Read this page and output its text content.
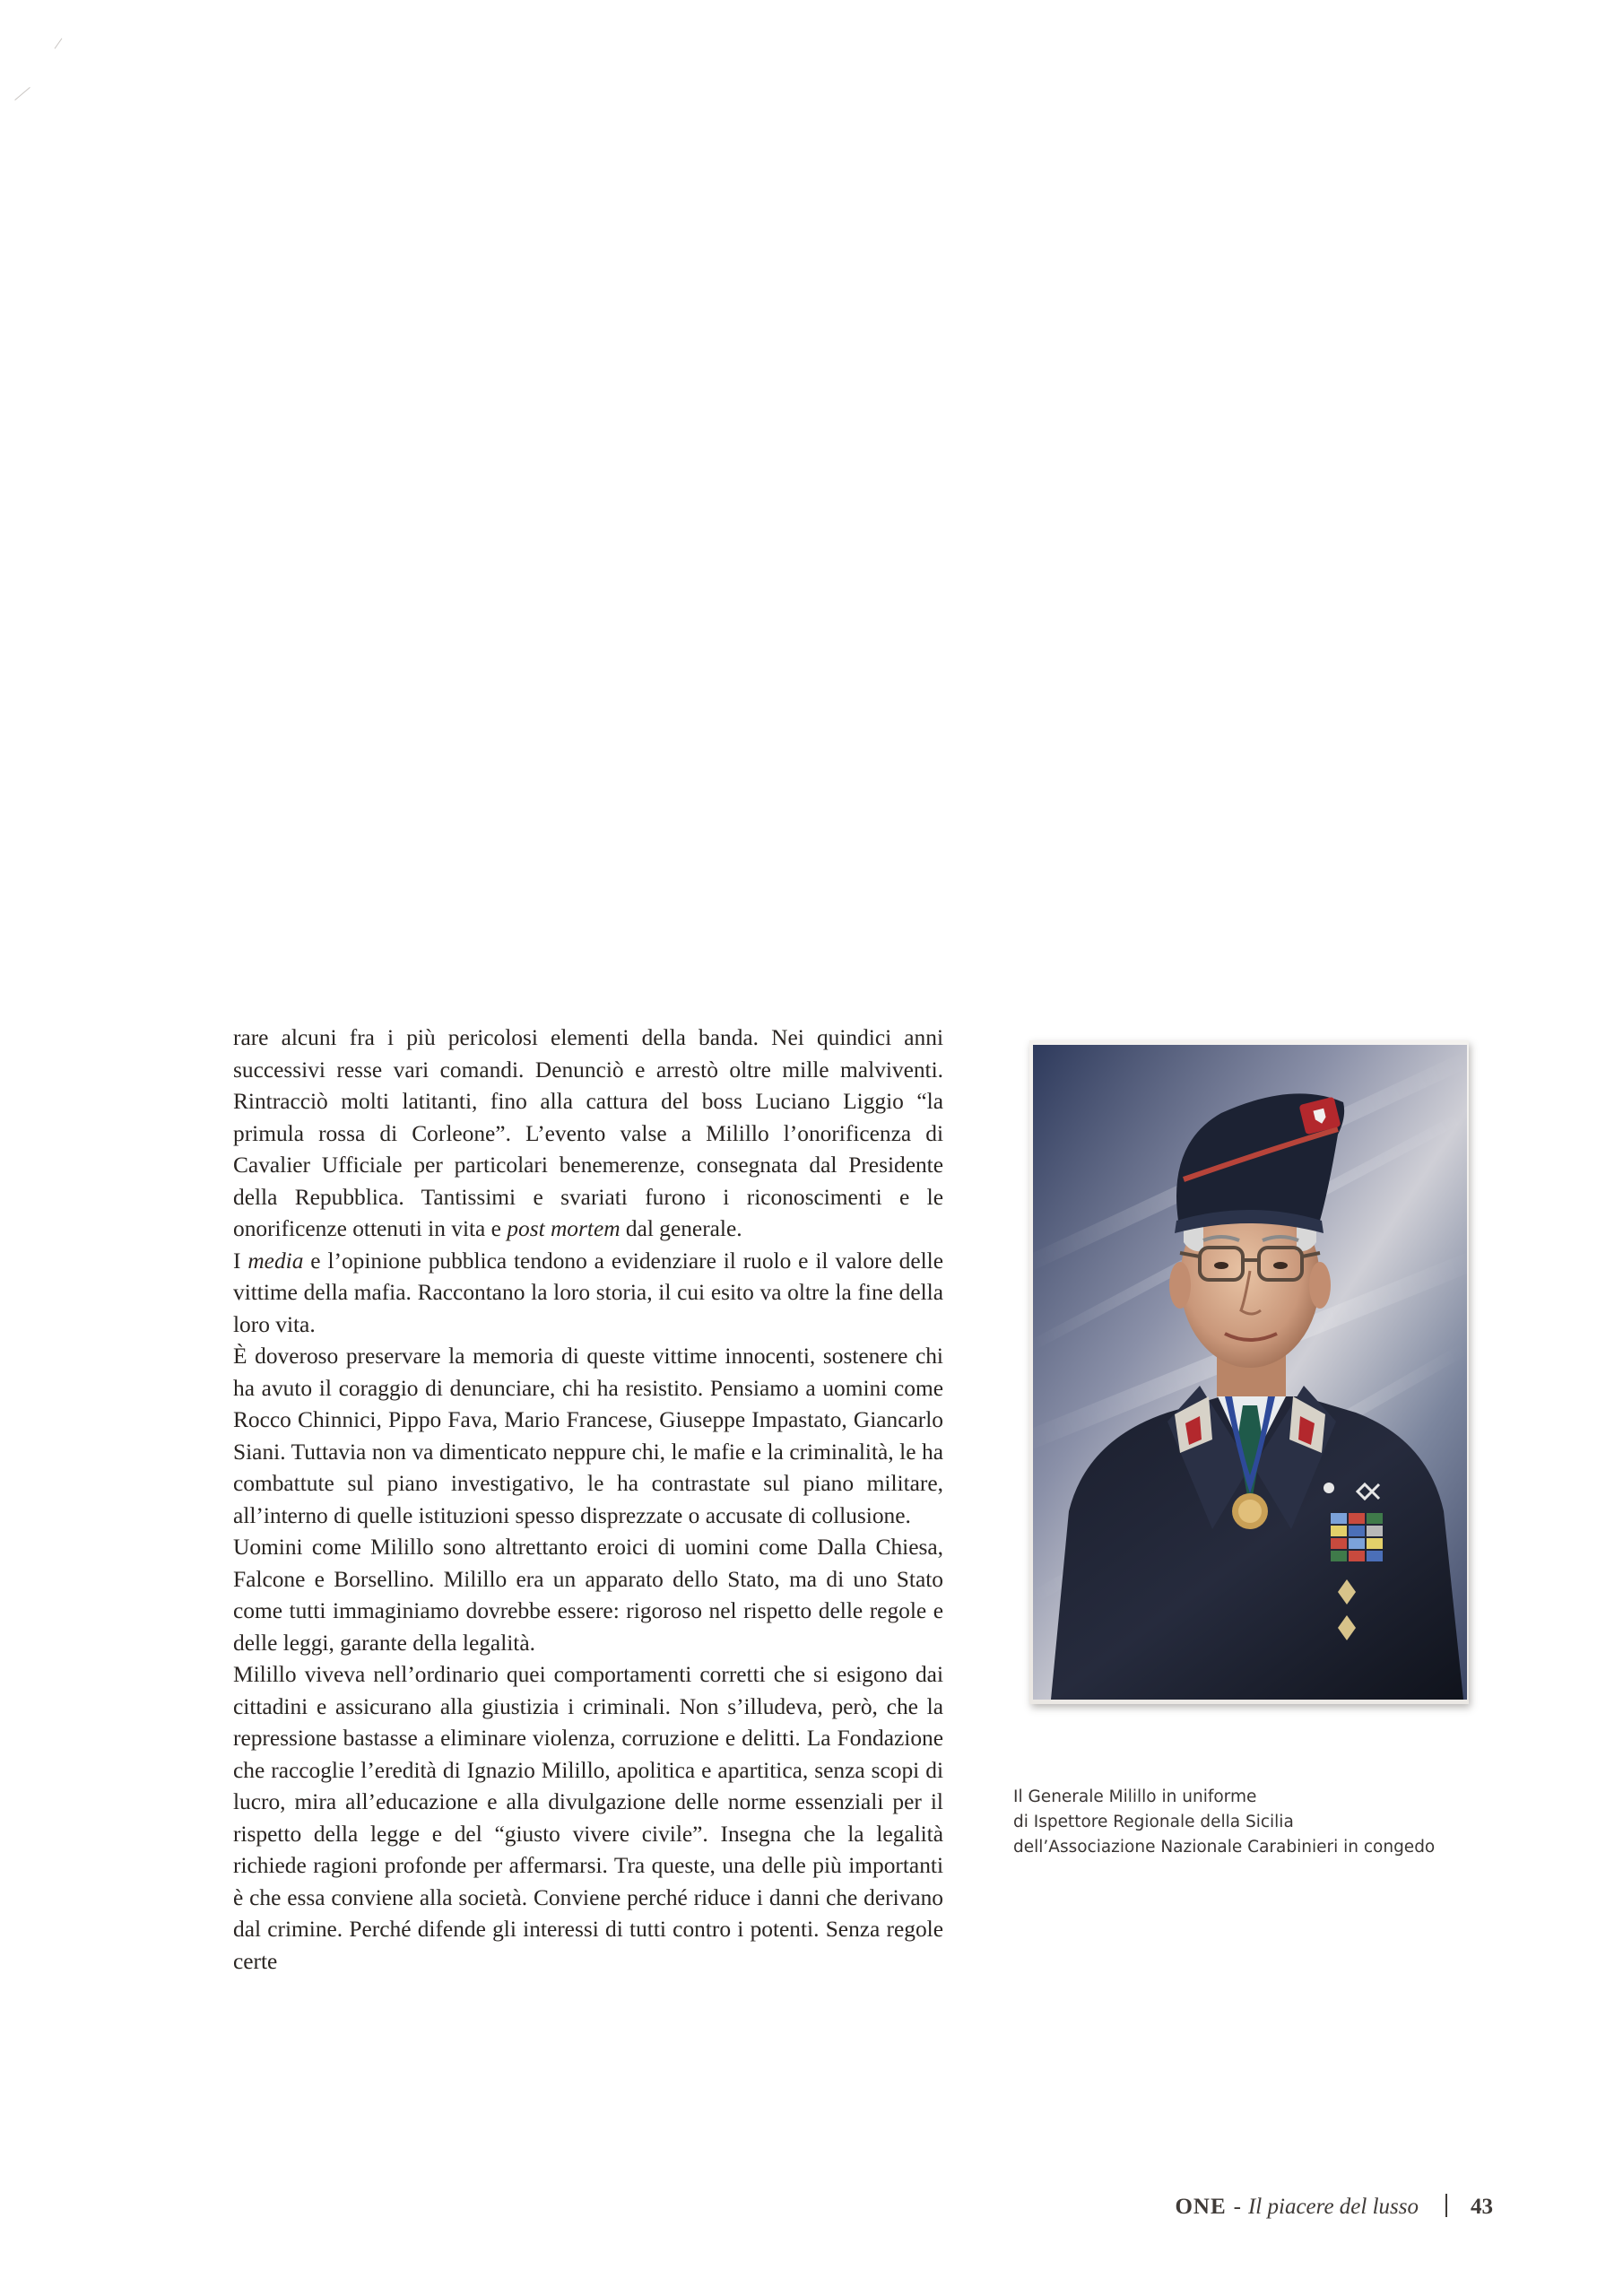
rare alcuni fra i più pericolosi elementi della banda. Nei quindici anni successivi resse vari comandi. Denunciò e arrestò oltre mille malviventi. Rintracciò molti latitanti, fino alla cattura del boss Luciano Liggio “la primula rossa di Corleone”. L’evento valse a Milillo l’onorificenza di Cavalier Ufficiale per particolari benemerenze, consegnata dal Presidente della Repubblica. Tantissimi e svariati furono i riconoscimenti e le onorificenze ottenuti in vita e post mortem dal generale.

I media e l’opinione pubblica tendono a evidenziare il ruolo e il valore delle vittime della mafia. Raccontano la loro storia, il cui esito va oltre la fine della loro vita.

È doveroso preservare la memoria di queste vittime innocenti, sostenere chi ha avuto il coraggio di denunciare, chi ha resistito. Pensiamo a uomini come Rocco Chinnici, Pippo Fava, Mario Francese, Giuseppe Impastato, Giancarlo Siani. Tuttavia non va dimenticato neppure chi, le mafie e la criminalità, le ha combattute sul piano investigativo, le ha contrastate sul piano militare, all’interno di quelle istituzioni spesso disprezzate o accusate di collusione.

Uomini come Milillo sono altrettanto eroici di uomini come Dalla Chiesa, Falcone e Borsellino. Milillo era un apparato dello Stato, ma di uno Stato come tutti immaginiamo dovrebbe essere: rigoroso nel rispetto delle regole e delle leggi, garante della legalità.

Milillo viveva nell’ordinario quei comportamenti corretti che si esigono dai cittadini e assicurano alla giustizia i criminali. Non s’illudeva, però, che la repressione bastasse a eliminare violenza, corruzione e delitti. La Fondazione che raccoglie l’eredità di Ignazio Milillo, apolitica e apartitica, senza scopi di lucro, mira all’educazione e alla divulgazione delle norme essenziali per il rispetto della legge e del “giusto vivere civile”. Insegna che la legalità richiede ragioni profonde per affermarsi. Tra queste, una delle più importanti è che essa conviene alla società. Conviene perché riduce i danni che derivano dal crimine. Perché difende gli interessi di tutti contro i potenti. Senza regole certe

Il Generale Milillo in uniforme
di Ispettore Regionale della Sicilia
dell’Associazione Nazionale Carabinieri in congedo
ONE - Il piacere del lusso 43
